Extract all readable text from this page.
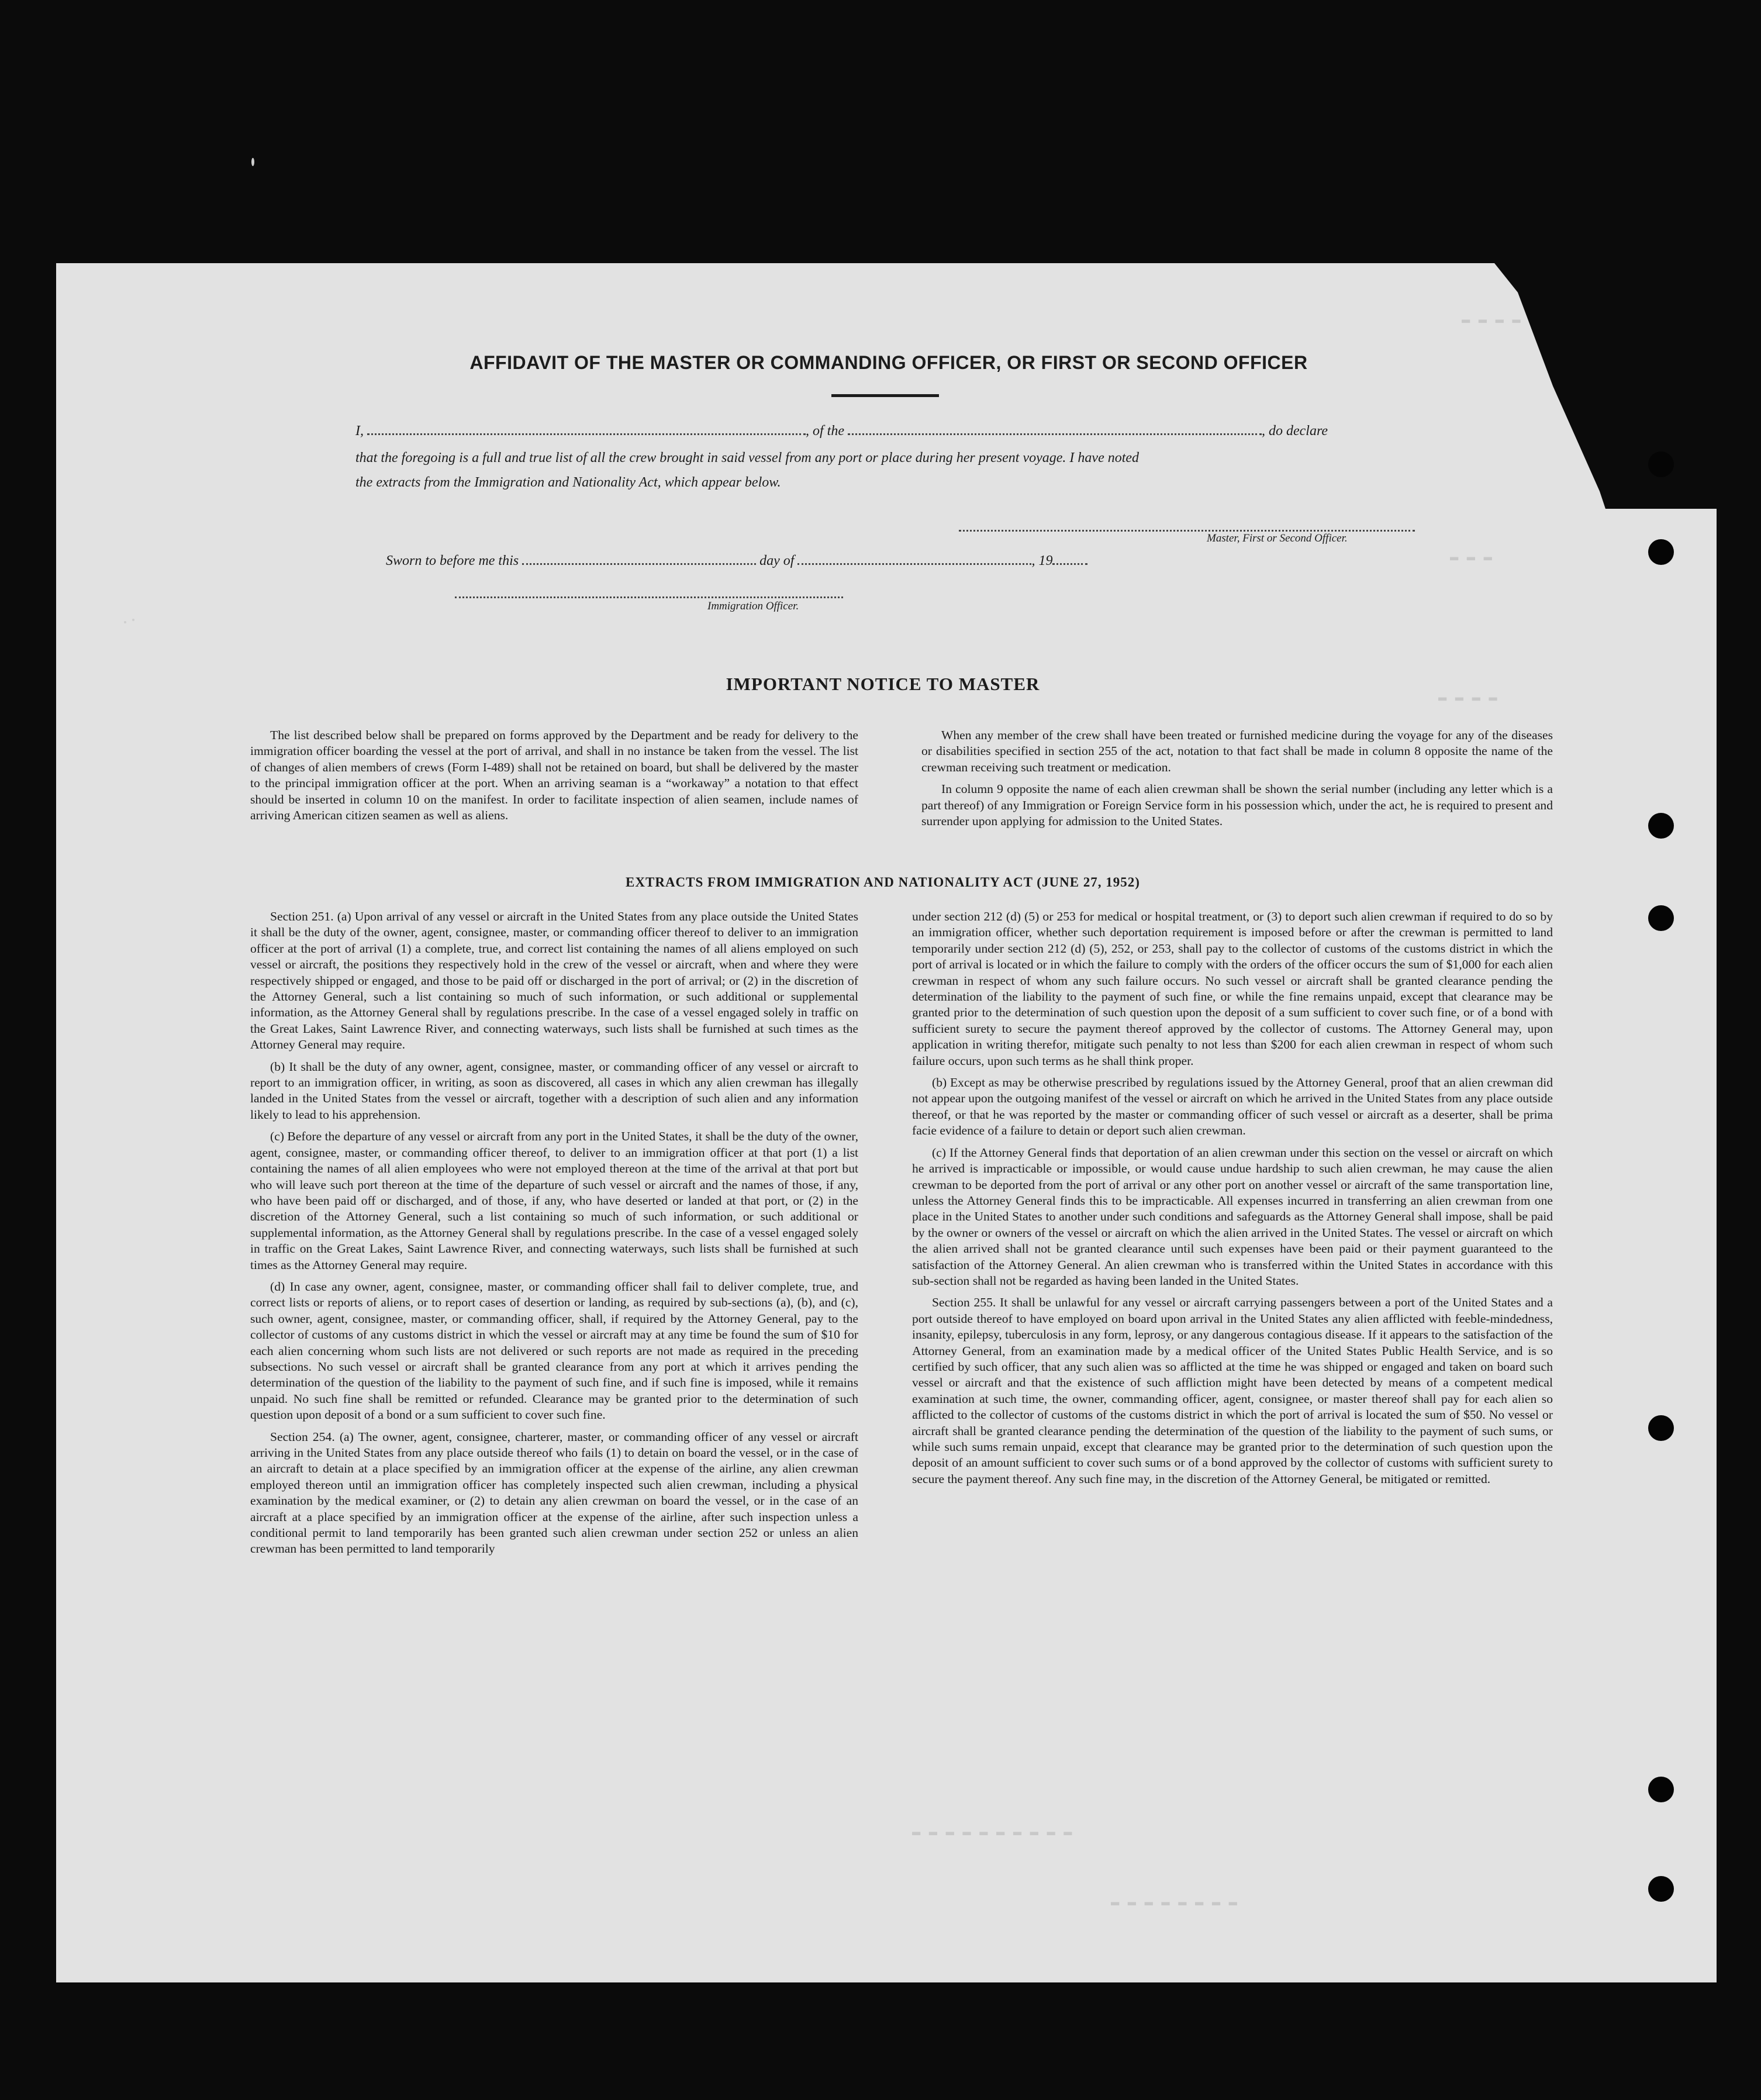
▬ ▬ ▬ ▬
▬ ▬ ▬
▬ ▬ ▬ ▬
▬ ▬ ▬ ▬ ▬ ▬ ▬ ▬ ▬ ▬
▬ ▬ ▬ ▬ ▬ ▬ ▬ ▬
AFFIDAVIT OF THE MASTER OR COMMANDING OFFICER, OR FIRST OR SECOND OFFICER
I,	, of the	, do declare
that the foregoing is a full and true list of all the crew brought in said vessel from any port or place during her present voyage. I have noted
the extracts from the Immigration and Nationality Act, which appear below.
Master, First or Second Officer.
Sworn to before me this	day of	, 19
Immigration Officer.
IMPORTANT NOTICE TO MASTER

The list described below shall be prepared on forms approved by the Department and be ready for delivery to the immigration officer boarding the vessel at the port of arrival, and shall in no instance be taken from the vessel. The list of changes of alien members of crews (Form I-489) shall not be retained on board, but shall be delivered by the master to the principal immigration officer at the port. When an arriving seaman is a “workaway” a notation to that effect should be inserted in column 10 on the manifest. In order to facilitate inspection of alien seamen, include names of arriving American citizen seamen as well as aliens.

When any member of the crew shall have been treated or furnished medicine during the voyage for any of the diseases or disabilities specified in section 255 of the act, notation to that fact shall be made in column 8 opposite the name of the crewman receiving such treatment or medication.

In column 9 opposite the name of each alien crewman shall be shown the serial number (including any letter which is a part thereof) of any Immigration or Foreign Service form in his possession which, under the act, he is required to present and surrender upon applying for admission to the United States.

EXTRACTS FROM IMMIGRATION AND NATIONALITY ACT (JUNE 27, 1952)

Section 251. (a) Upon arrival of any vessel or aircraft in the United States from any place outside the United States it shall be the duty of the owner, agent, consignee, master, or commanding officer thereof to deliver to an immigration officer at the port of arrival (1) a complete, true, and correct list containing the names of all aliens employed on such vessel or aircraft, the positions they respectively hold in the crew of the vessel or aircraft, when and where they were respectively shipped or engaged, and those to be paid off or discharged in the port of arrival; or (2) in the discretion of the Attorney General, such a list containing so much of such information, or such additional or supplemental information, as the Attorney General shall by regulations prescribe. In the case of a vessel engaged solely in traffic on the Great Lakes, Saint Lawrence River, and connecting waterways, such lists shall be furnished at such times as the Attorney General may require.

(b) It shall be the duty of any owner, agent, consignee, master, or commanding officer of any vessel or aircraft to report to an immigration officer, in writing, as soon as discovered, all cases in which any alien crewman has illegally landed in the United States from the vessel or aircraft, together with a description of such alien and any information likely to lead to his apprehension.

(c) Before the departure of any vessel or aircraft from any port in the United States, it shall be the duty of the owner, agent, consignee, master, or commanding officer thereof, to deliver to an immigration officer at that port (1) a list containing the names of all alien employees who were not employed thereon at the time of the arrival at that port but who will leave such port thereon at the time of the departure of such vessel or aircraft and the names of those, if any, who have been paid off or discharged, and of those, if any, who have deserted or landed at that port, or (2) in the discretion of the Attorney General, such a list containing so much of such information, or such additional or supplemental information, as the Attorney General shall by regulations prescribe. In the case of a vessel engaged solely in traffic on the Great Lakes, Saint Lawrence River, and connecting waterways, such lists shall be furnished at such times as the Attorney General may require.

(d) In case any owner, agent, consignee, master, or commanding officer shall fail to deliver complete, true, and correct lists or reports of aliens, or to report cases of desertion or landing, as required by sub-sections (a), (b), and (c), such owner, agent, consignee, master, or commanding officer, shall, if required by the Attorney General, pay to the collector of customs of any customs district in which the vessel or aircraft may at any time be found the sum of $10 for each alien concerning whom such lists are not delivered or such reports are not made as required in the preceding subsections. No such vessel or aircraft shall be granted clearance from any port at which it arrives pending the determination of the question of the liability to the payment of such fine, and if such fine is imposed, while it remains unpaid. No such fine shall be remitted or refunded. Clearance may be granted prior to the determination of such question upon deposit of a bond or a sum sufficient to cover such fine.

Section 254. (a) The owner, agent, consignee, charterer, master, or commanding officer of any vessel or aircraft arriving in the United States from any place outside thereof who fails (1) to detain on board the vessel, or in the case of an aircraft to detain at a place specified by an immigration officer at the expense of the airline, any alien crewman employed thereon until an immigration officer has completely inspected such alien crewman, including a physical examination by the medical examiner, or (2) to detain any alien crewman on board the vessel, or in the case of an aircraft at a place specified by an immigration officer at the expense of the airline, after such inspection unless a conditional permit to land temporarily has been granted such alien crewman under section 252 or unless an alien crewman has been permitted to land temporarily

under section 212 (d) (5) or 253 for medical or hospital treatment, or (3) to deport such alien crewman if required to do so by an immigration officer, whether such deportation requirement is imposed before or after the crewman is permitted to land temporarily under section 212 (d) (5), 252, or 253, shall pay to the collector of customs of the customs district in which the port of arrival is located or in which the failure to comply with the orders of the officer occurs the sum of $1,000 for each alien crewman in respect of whom any such failure occurs. No such vessel or aircraft shall be granted clearance pending the determination of the liability to the payment of such fine, or while the fine remains unpaid, except that clearance may be granted prior to the determination of such question upon the deposit of a sum sufficient to cover such fine, or of a bond with sufficient surety to secure the payment thereof approved by the collector of customs. The Attorney General may, upon application in writing therefor, mitigate such penalty to not less than $200 for each alien crewman in respect of whom such failure occurs, upon such terms as he shall think proper.

(b) Except as may be otherwise prescribed by regulations issued by the Attorney General, proof that an alien crewman did not appear upon the outgoing manifest of the vessel or aircraft on which he arrived in the United States from any place outside thereof, or that he was reported by the master or commanding officer of such vessel or aircraft as a deserter, shall be prima facie evidence of a failure to detain or deport such alien crewman.

(c) If the Attorney General finds that deportation of an alien crewman under this section on the vessel or aircraft on which he arrived is impracticable or impossible, or would cause undue hardship to such alien crewman, he may cause the alien crewman to be deported from the port of arrival or any other port on another vessel or aircraft of the same transportation line, unless the Attorney General finds this to be impracticable. All expenses incurred in transferring an alien crewman from one place in the United States to another under such conditions and safeguards as the Attorney General shall impose, shall be paid by the owner or owners of the vessel or aircraft on which the alien arrived in the United States. The vessel or aircraft on which the alien arrived shall not be granted clearance until such expenses have been paid or their payment guaranteed to the satisfaction of the Attorney General. An alien crewman who is transferred within the United States in accordance with this sub-section shall not be regarded as having been landed in the United States.

Section 255. It shall be unlawful for any vessel or aircraft carrying passengers between a port of the United States and a port outside thereof to have employed on board upon arrival in the United States any alien afflicted with feeble-mindedness, insanity, epilepsy, tuberculosis in any form, leprosy, or any dangerous contagious disease. If it appears to the satisfaction of the Attorney General, from an examination made by a medical officer of the United States Public Health Service, and is so certified by such officer, that any such alien was so afflicted at the time he was shipped or engaged and taken on board such vessel or aircraft and that the existence of such affliction might have been detected by means of a competent medical examination at such time, the owner, commanding officer, agent, consignee, or master thereof shall pay for each alien so afflicted to the collector of customs of the customs district in which the port of arrival is located the sum of $50. No vessel or aircraft shall be granted clearance pending the determination of the question of the liability to the payment of such sums, or while such sums remain unpaid, except that clearance may be granted prior to the determination of such question upon the deposit of an amount sufficient to cover such sums or of a bond approved by the collector of customs with sufficient surety to secure the payment thereof. Any such fine may, in the discretion of the Attorney General, be mitigated or remitted.
